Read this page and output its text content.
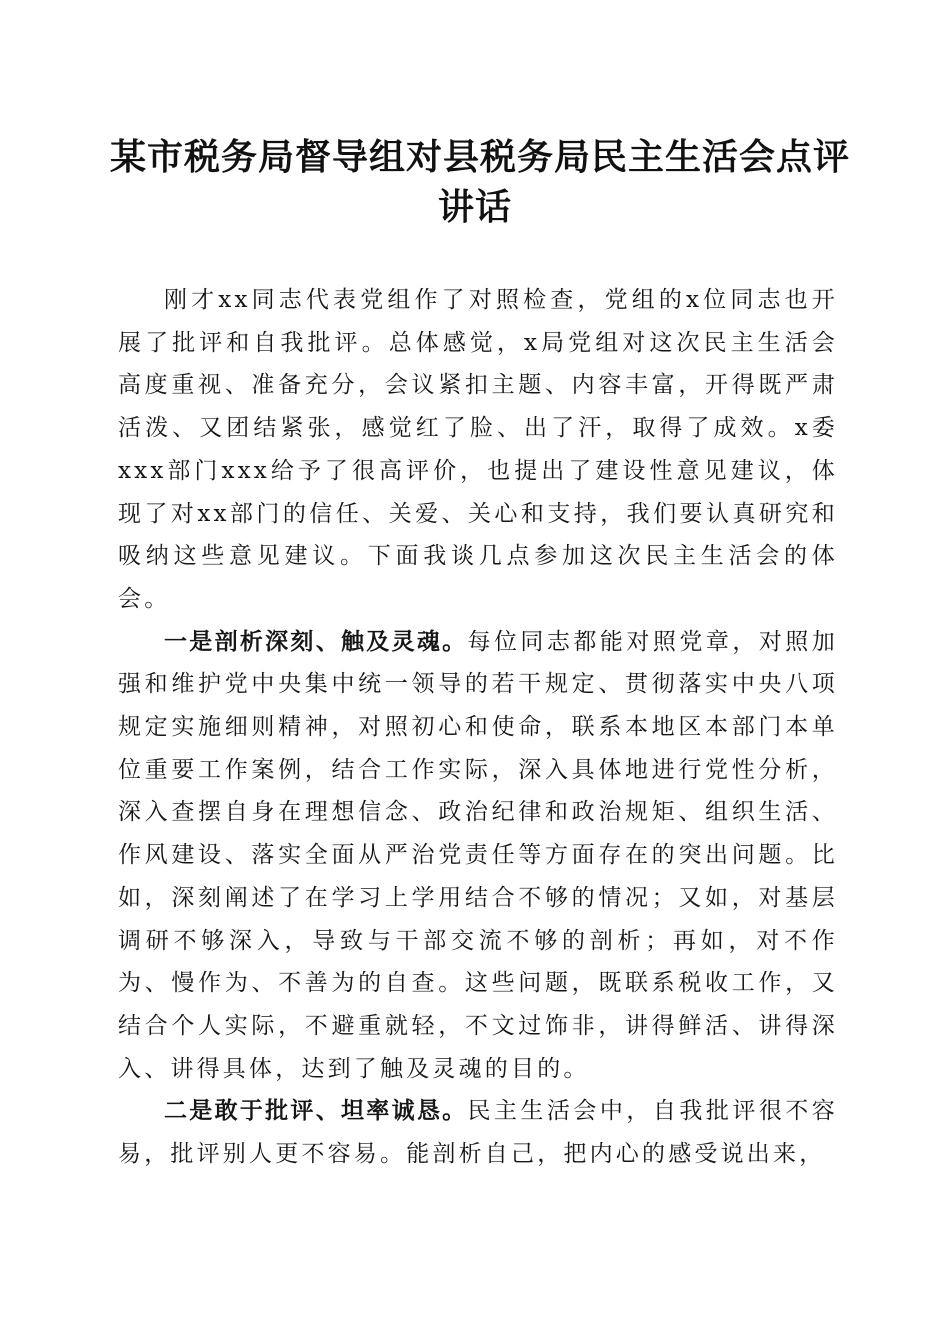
某市税务局督导组对县税务局民主生活会点评
讲话

刚才xx同志代表党组作了对照检查，党组的x位同志也开展了批评和自我批评。总体感觉，x局党组对这次民主生活会高度重视、准备充分，会议紧扣主题、内容丰富，开得既严肃活泼、又团结紧张，感觉红了脸、出了汗，取得了成效。x委xxx部门xxx给予了很高评价，也提出了建设性意见建议，体现了对xx部门的信任、关爱、关心和支持，我们要认真研究和吸纳这些意见建议。下面我谈几点参加这次民主生活会的体会。

一是剖析深刻、触及灵魂。每位同志都能对照党章，对照加强和维护党中央集中统一领导的若干规定、贯彻落实中央八项规定实施细则精神，对照初心和使命，联系本地区本部门本单位重要工作案例，结合工作实际，深入具体地进行党性分析，深入查摆自身在理想信念、政治纪律和政治规矩、组织生活、作风建设、落实全面从严治党责任等方面存在的突出问题。比如，深刻阐述了在学习上学用结合不够的情况；又如，对基层调研不够深入，导致与干部交流不够的剖析；再如，对不作为、慢作为、不善为的自查。这些问题，既联系税收工作，又结合个人实际，不避重就轻，不文过饰非，讲得鲜活、讲得深入、讲得具体，达到了触及灵魂的目的。

二是敢于批评、坦率诚恳。民主生活会中，自我批评很不容易，批评别人更不容易。能剖析自己，把内心的感受说出来，
